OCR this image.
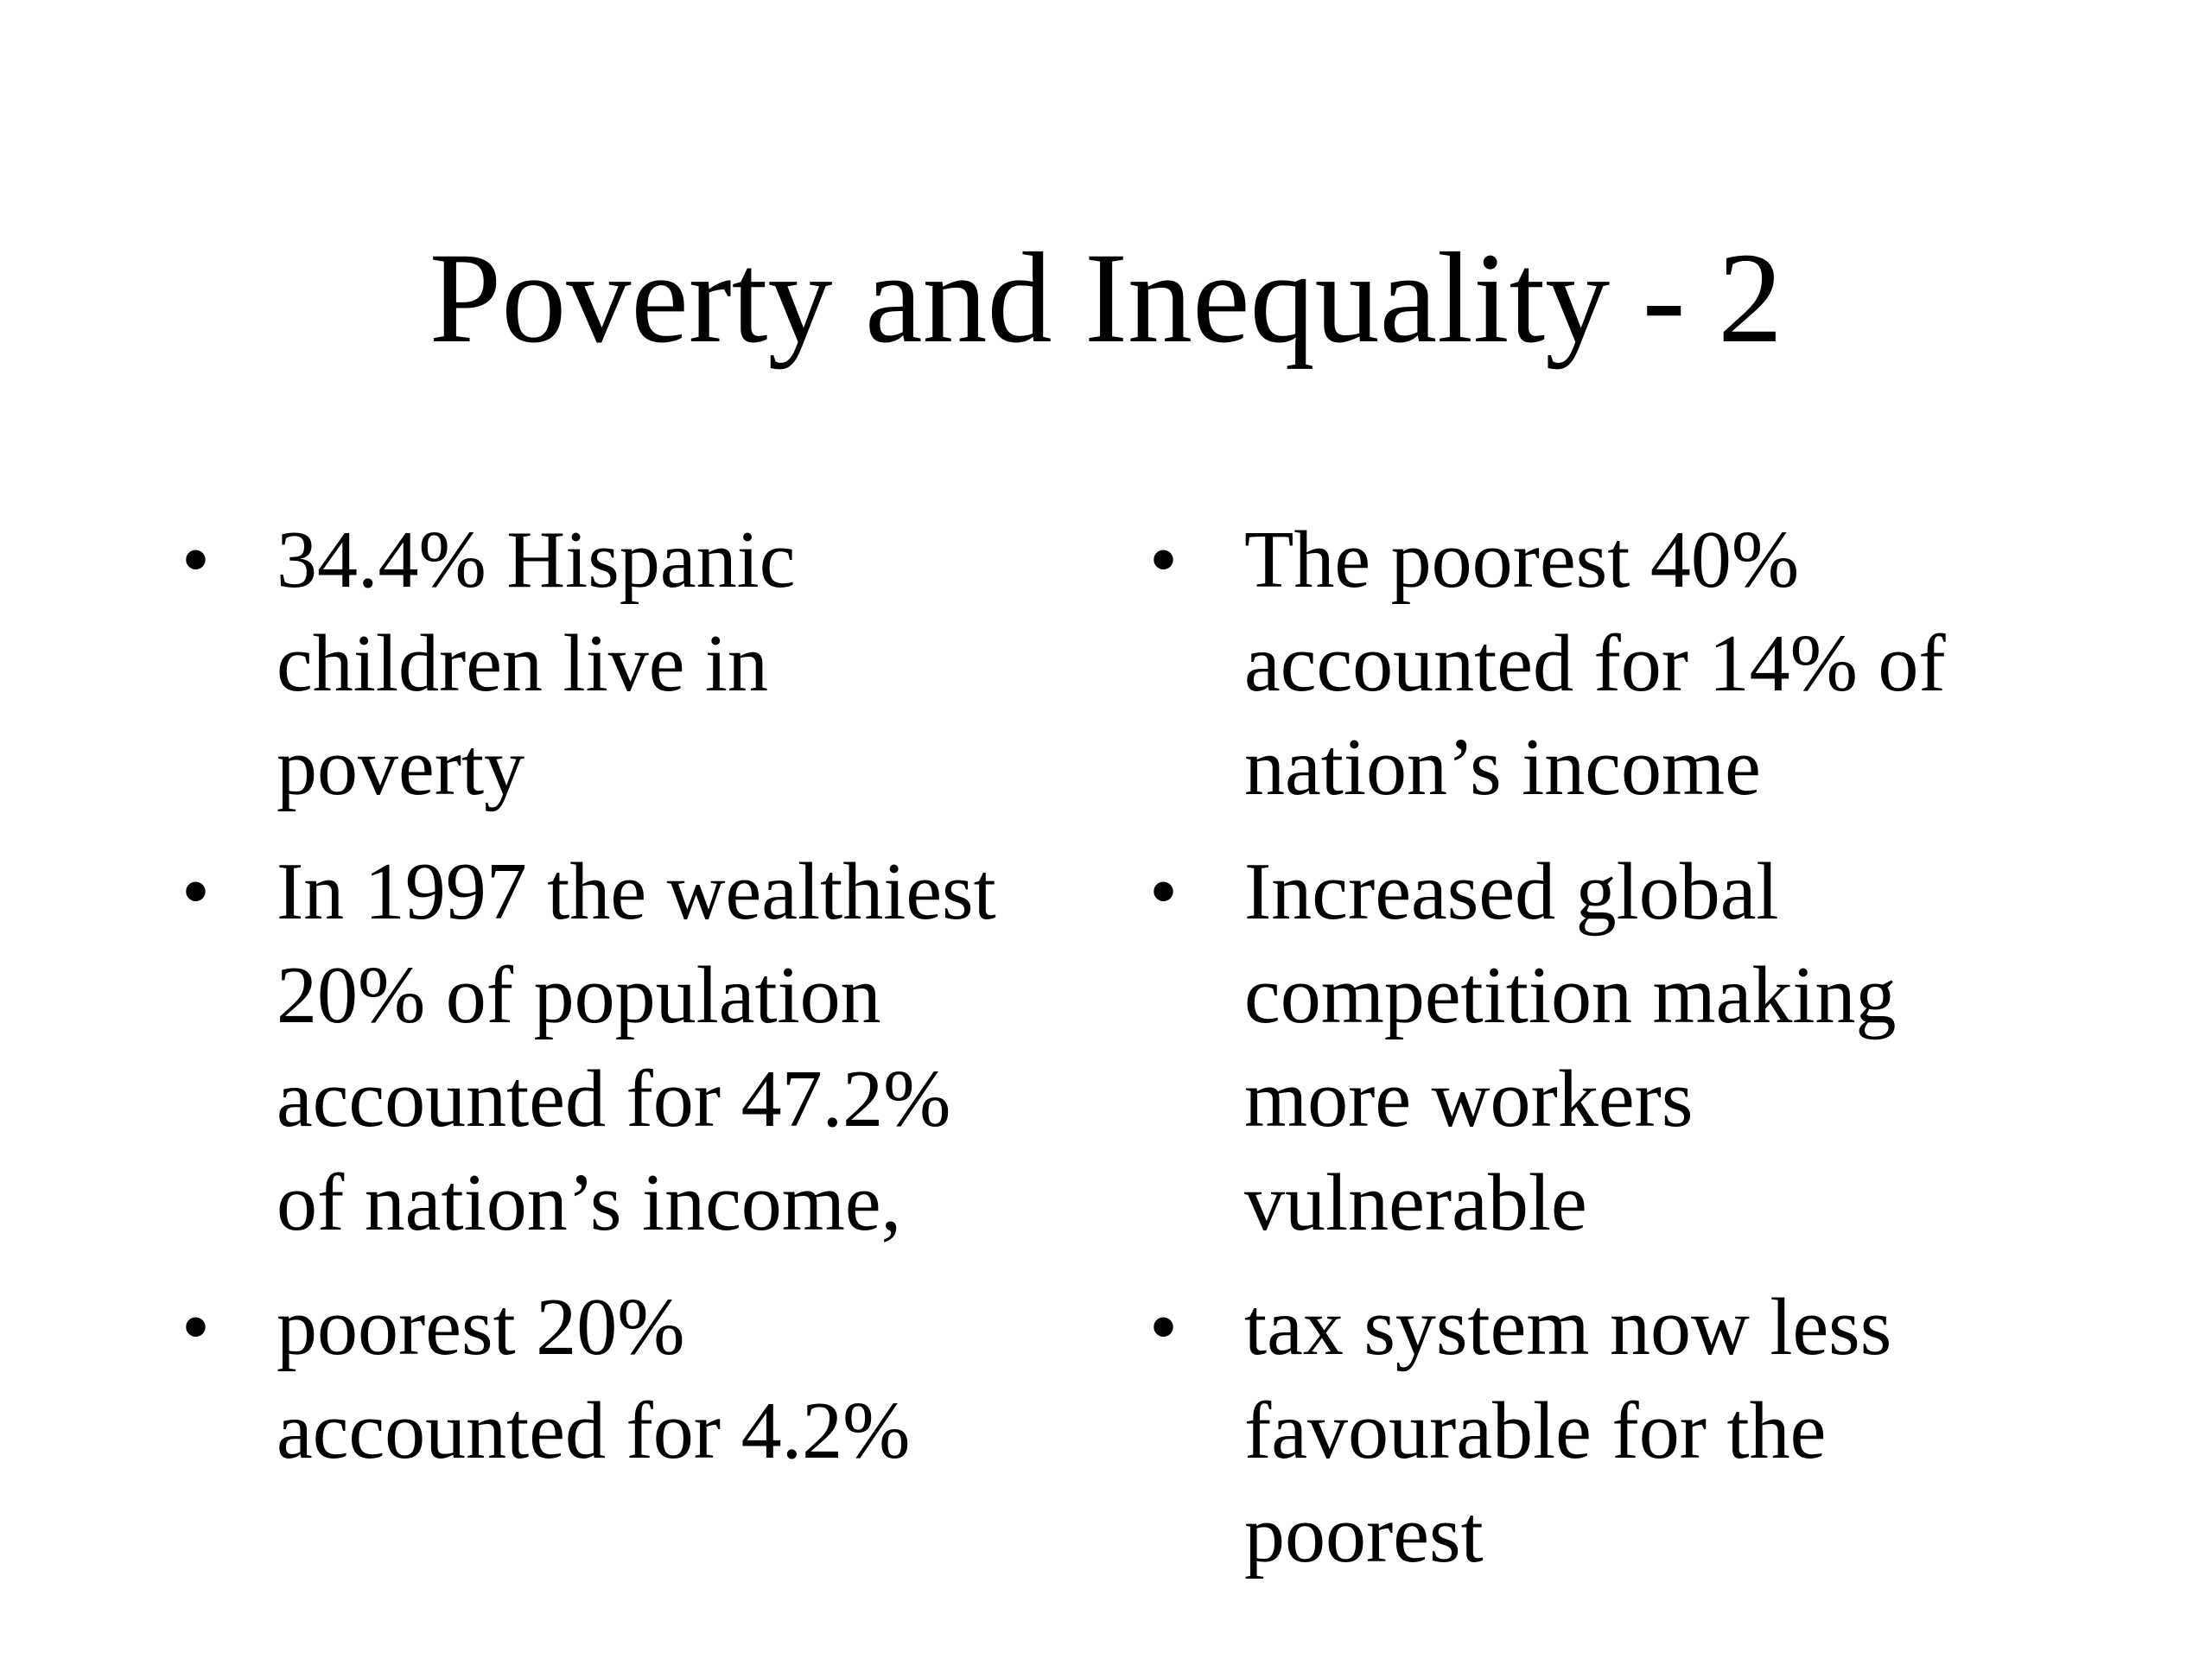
Poverty and Inequality - 2
• 34.4% Hispanic
children live in
poverty
• In 1997 the wealthiest
20% of population
accounted for 47.2%
of nation’s income,
• poorest 20%
accounted for 4.2%
• The poorest 40%
accounted for 14% of
nation’s income
• Increased global
competition making
more workers
vulnerable
• tax system now less
favourable for the
poorest
